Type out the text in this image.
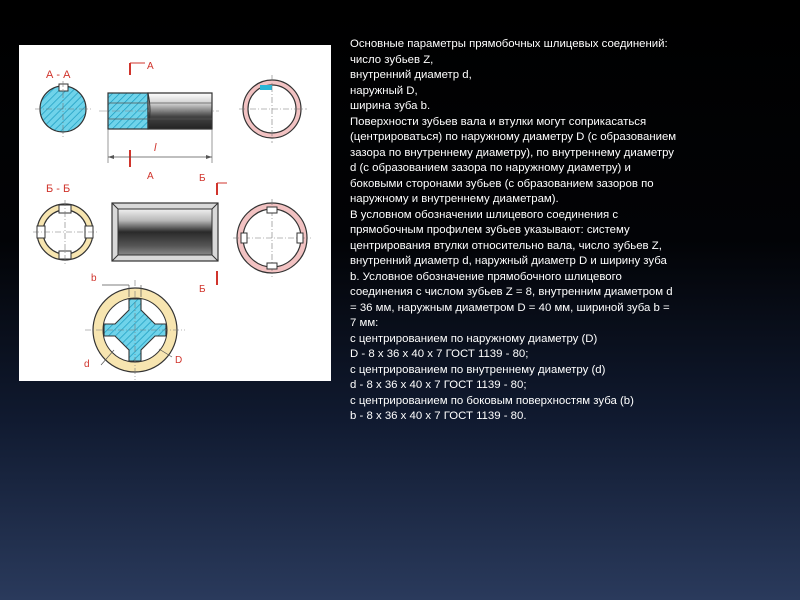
А - А
А
А
l
Б
Б - Б
Б
b
d	D
Основные параметры прямобочных шлицевых соединений:
число зубьев Z,
внутренний диаметр d,
наружный D,
ширина зуба b.
Поверхности зубьев вала и втулки могут соприкасаться
(центрироваться) по наружному диаметру D (с образованием
зазора по внутреннему диаметру), по внутреннему диаметру
d (с образованием зазора по наружному диаметру) и
боковыми сторонами зубьев (с образованием зазоров по
наружному и внутреннему диаметрам).
В условном обозначении шлицевого соединения с
прямобочным профилем зубьев указывают: систему
центрирования втулки относительно вала, число зубьев Z,
внутренний диаметр d, наружный диаметр D и ширину зуба
b. Условное обозначение прямобочного шлицевого
соединения с числом зубьев Z = 8, внутренним диаметром d
= 36 мм, наружным диаметром D = 40 мм, шириной зуба b =
7 мм:
с центрированием по наружному диаметру (D)
D - 8 x 36 x 40 x 7 ГОСТ 1139 - 80;
с центрированием по внутреннему диаметру (d)
d - 8 x 36 x 40 x 7 ГОСТ 1139 - 80;
с центрированием по боковым поверхностям зуба (b)
b - 8 x 36 x 40 x 7 ГОСТ 1139 - 80.
